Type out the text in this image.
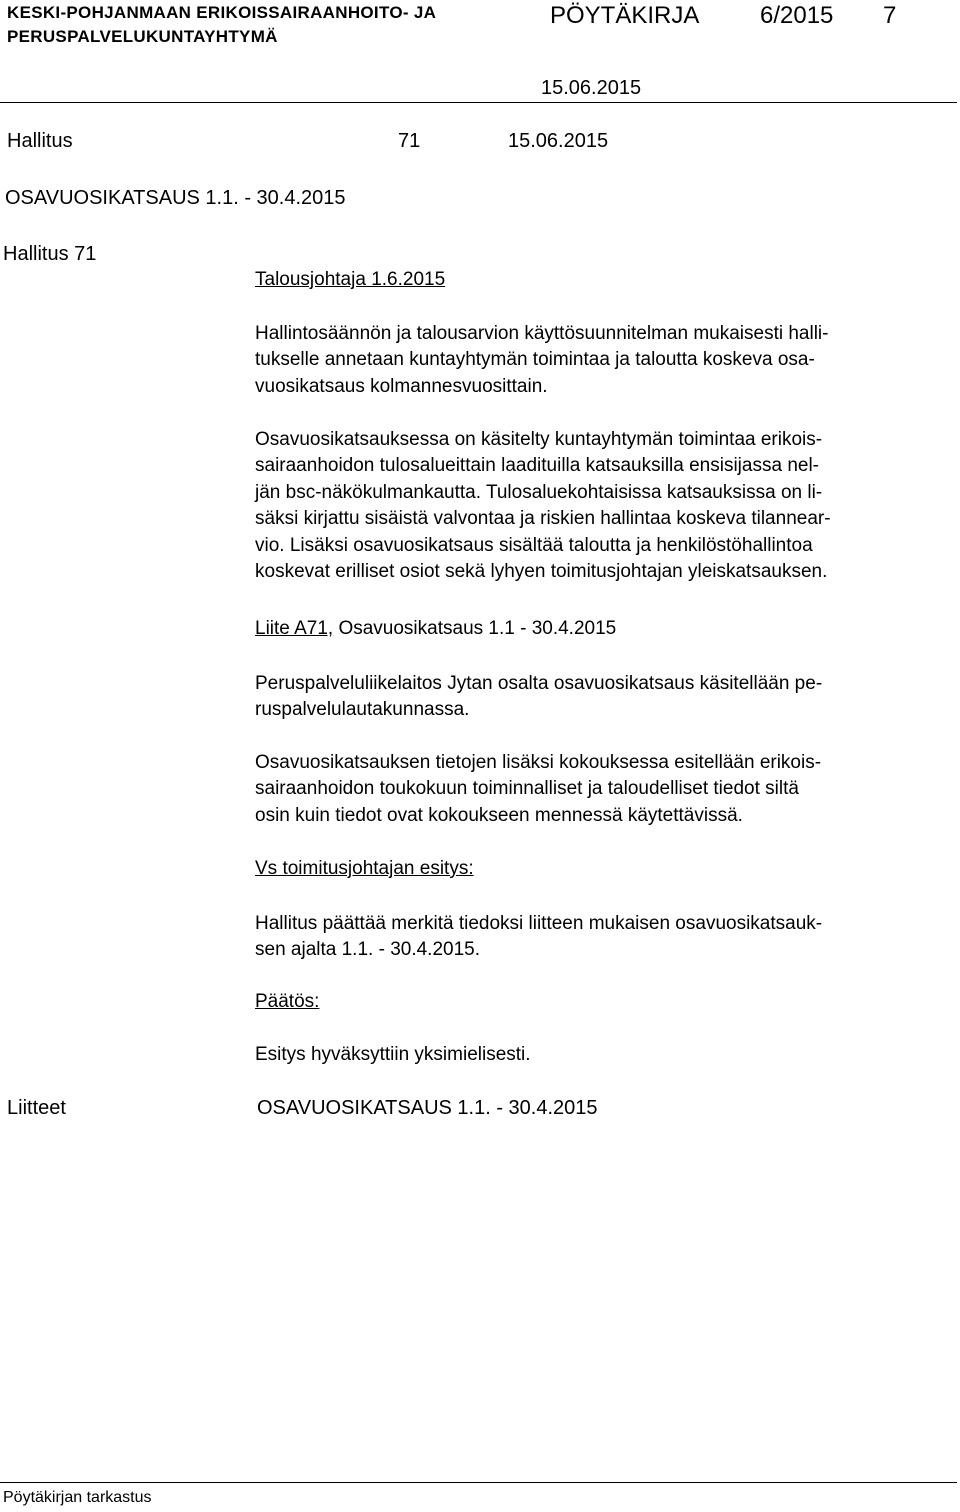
KESKI-POHJANMAAN ERIKOISSAIRAANHOITO- JA
PERUSPALVELUKUNTAYHTYMÄ
PÖYTÄKIRJA	6/2015 7
15.06.2015
Hallitus	71	15.06.2015
OSAVUOSIKATSAUS 1.1. - 30.4.2015
Hallitus 71
Talousjohtaja 1.6.2015
Hallintosäännön ja talousarvion käyttösuunnitelman mukaisesti halli-
tukselle annetaan kuntayhtymän toimintaa ja taloutta koskeva osa-
vuosikatsaus kolmannesvuosittain.
Osavuosikatsauksessa on käsitelty kuntayhtymän toimintaa erikois-
sairaanhoidon tulosalueittain laadituilla katsauksilla ensisijassa nel-
jän bsc-näkökulmankautta. Tulosaluekohtaisissa katsauksissa on li-
säksi kirjattu sisäistä valvontaa ja riskien hallintaa koskeva tilannear-
vio. Lisäksi osavuosikatsaus sisältää taloutta ja henkilöstöhallintoa
koskevat erilliset osiot sekä lyhyen toimitusjohtajan yleiskatsauksen.
Liite A71, Osavuosikatsaus 1.1 - 30.4.2015
Peruspalveluliikelaitos Jytan osalta osavuosikatsaus käsitellään pe-
ruspalvelulautakunnassa.
Osavuosikatsauksen tietojen lisäksi kokouksessa esitellään erikois-
sairaanhoidon toukokuun toiminnalliset ja taloudelliset tiedot siltä
osin kuin tiedot ovat kokoukseen mennessä käytettävissä.
Vs toimitusjohtajan esitys:
Hallitus päättää merkitä tiedoksi liitteen mukaisen osavuosikatsauk-
sen ajalta 1.1. - 30.4.2015.
Päätös:
Esitys hyväksyttiin yksimielisesti.
Liitteet	OSAVUOSIKATSAUS 1.1. - 30.4.2015
Pöytäkirjan tarkastus
